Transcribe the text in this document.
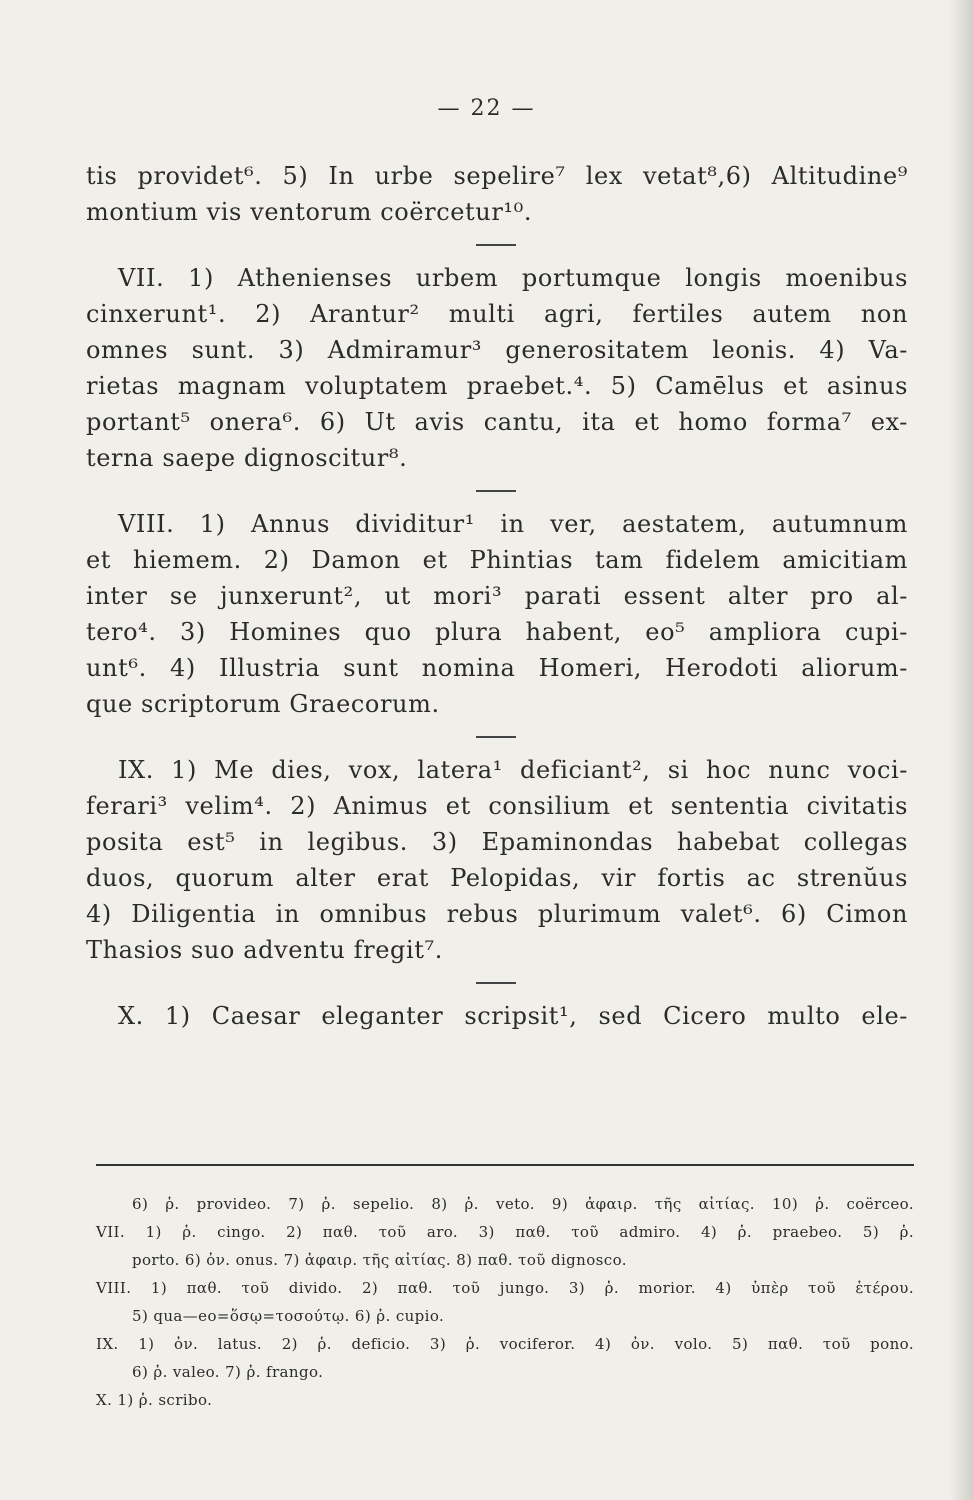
— 22 —
tis providet⁶. 5) In urbe sepelire⁷ lex vetat⁸,6) Altitudine⁹
montium vis ventorum coërcetur¹⁰.
VII. 1) Athenienses urbem portumque longis moenibus
cinxerunt¹. 2) Arantur² multi agri, fertiles autem non
omnes sunt. 3) Admiramur³ generositatem leonis. 4) Va-
rietas magnam voluptatem praebet.⁴. 5) Camēlus et asinus
portant⁵ onera⁶. 6) Ut avis cantu, ita et homo forma⁷ ex-
terna saepe dignoscitur⁸.
VIII. 1) Annus dividitur¹ in ver, aestatem, autumnum
et hiemem. 2) Damon et Phintias tam fidelem amicitiam
inter se junxerunt², ut mori³ parati essent alter pro al-
tero⁴. 3) Homines quo plura habent, eo⁵ ampliora cupi-
unt⁶. 4) Illustria sunt nomina Homeri, Herodoti aliorum-
que scriptorum Graecorum.
IX. 1) Me dies, vox, latera¹ deficiant², si hoc nunc voci-
ferari³ velim⁴. 2) Animus et consilium et sententia civitatis
posita est⁵ in legibus. 3) Epaminondas habebat collegas
duos, quorum alter erat Pelopidas, vir fortis ac strenŭus
4) Diligentia in omnibus rebus plurimum valet⁶. 6) Cimon
Thasios suo adventu fregit⁷.
X. 1) Caesar eleganter scripsit¹, sed Cicero multo ele-
6) ῥ. provideo. 7) ῥ. sepelio. 8) ῥ. veto. 9) ἀφαιρ. τῆς αἰτίας. 10) ῥ. coërceo.
VII. 1) ῥ. cingo. 2) παθ. τοῦ aro. 3) παθ. τοῦ admiro. 4) ῥ. praebeo. 5) ῥ.
porto. 6) ὀν. onus. 7) ἀφαιρ. τῆς αἰτίας. 8) παθ. τοῦ dignosco.
VIII. 1) παθ. τοῦ divido. 2) παθ. τοῦ jungo. 3) ῥ. morior. 4) ὑπὲρ τοῦ ἑτέρου.
5) qua—eo=ὅσῳ=τοσούτῳ. 6) ῥ. cupio.
IX. 1) ὀν. latus. 2) ῥ. deficio. 3) ῥ. vociferor. 4) ὀν. volo. 5) παθ. τοῦ pono.
6) ῥ. valeo. 7) ῥ. frango.
X. 1) ῥ. scribo.
